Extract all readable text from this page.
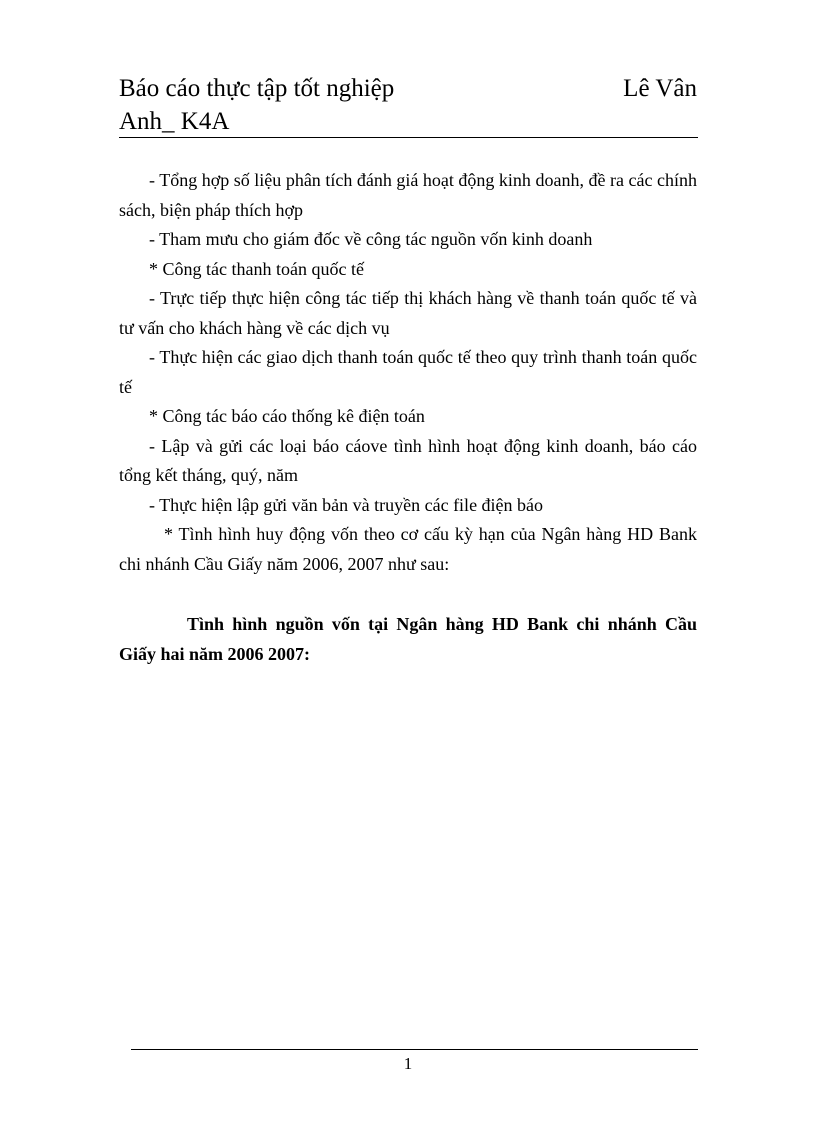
Báo cáo thực tập tốt nghiệp	Lê Vân
Anh_ K4A

- Tổng hợp số liệu phân tích đánh giá hoạt động kinh doanh, đề ra các chính sách, biện pháp thích hợp

- Tham mưu cho giám đốc về công tác nguồn vốn kinh doanh

* Công tác thanh toán quốc tế

- Trực tiếp thực hiện công tác tiếp thị khách hàng về thanh toán quốc tế và tư vấn cho khách hàng về các dịch vụ

- Thực hiện các giao dịch thanh toán quốc tế theo quy trình thanh toán quốc tế

* Công tác báo cáo thống kê điện toán

- Lập và gửi các loại báo cáove tình hình hoạt động kinh doanh, báo cáo tổng kết tháng, quý, năm

- Thực hiện lập gửi văn bản và truyền các file điện báo

* Tình hình huy động vốn theo cơ cấu kỳ hạn của Ngân hàng HD Bank chi nhánh Cầu Giấy năm 2006, 2007 như sau:

Tình hình nguồn vốn tại Ngân hàng HD Bank chi nhánh Cầu Giấy hai năm 2006 2007:

1
